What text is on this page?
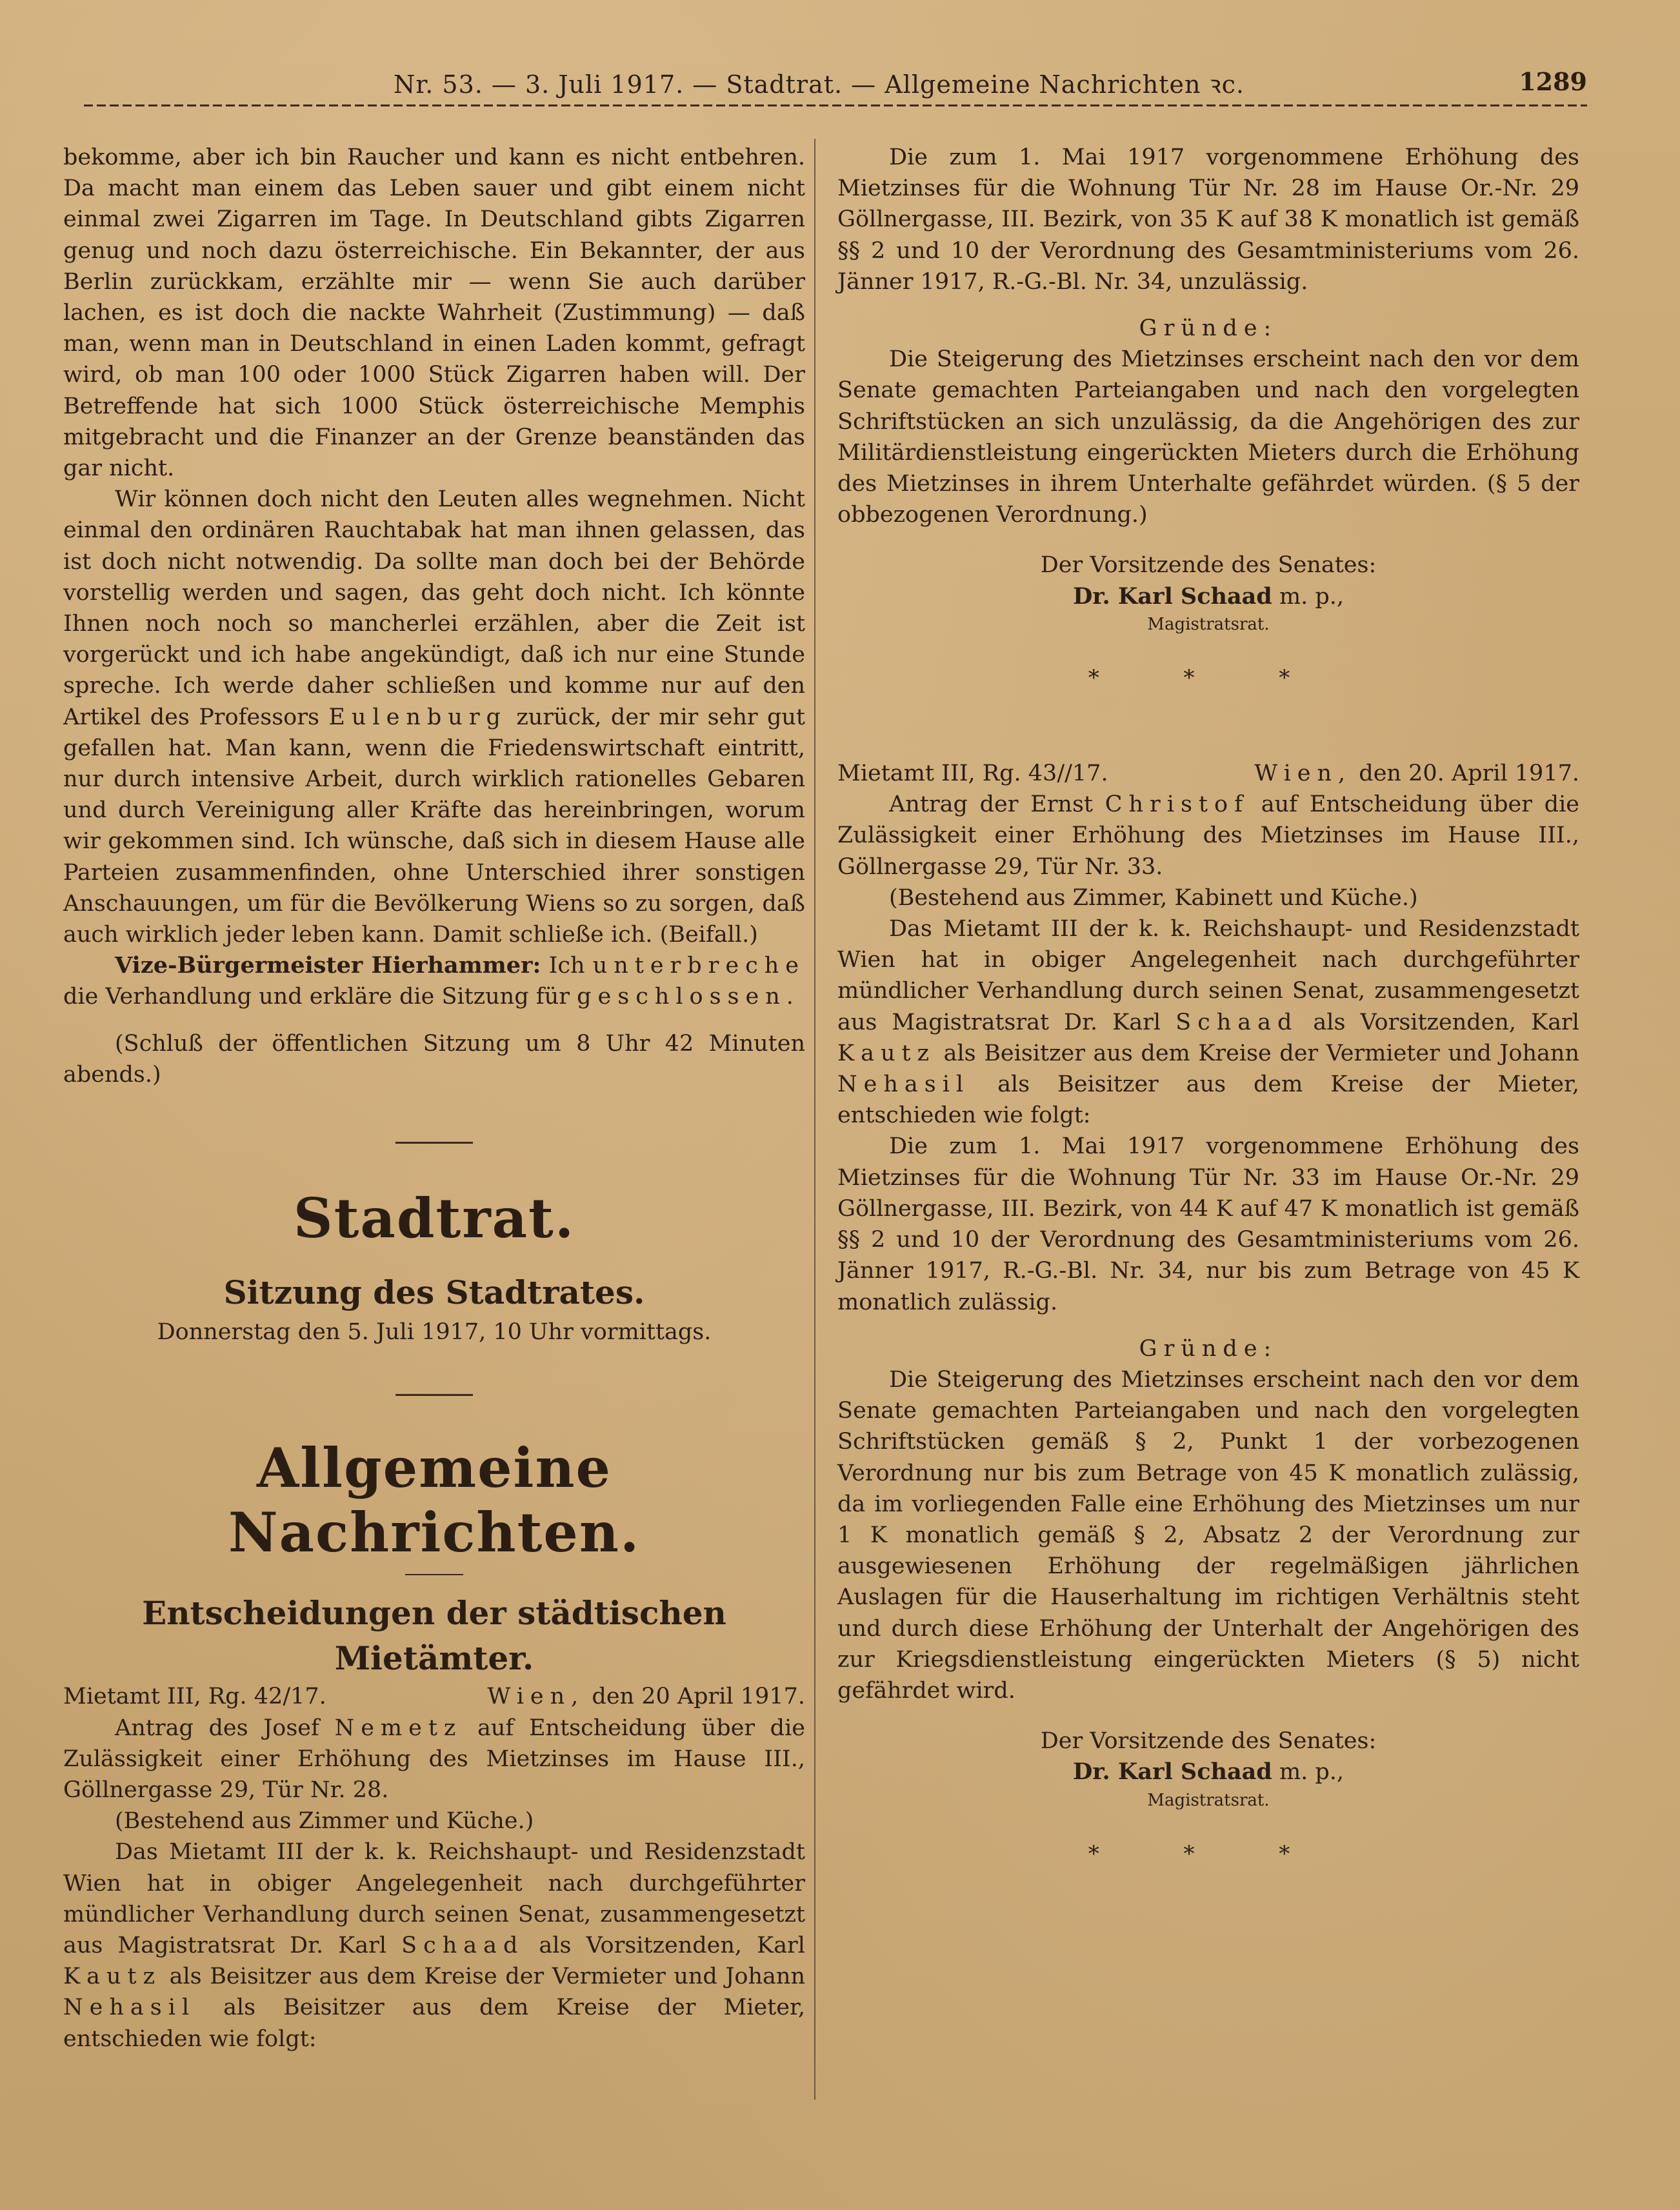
Nr. 53. — 3. Juli 1917. — Stadtrat. — Allgemeine Nachrichten ꝛc.	1289

bekomme, aber ich bin Raucher und kann es nicht entbehren. Da macht man einem das Leben sauer und gibt einem nicht einmal zwei Zigarren im Tage. In Deutschland gibts Zigarren genug und noch dazu österreichische. Ein Bekannter, der aus Berlin zurückkam, erzählte mir — wenn Sie auch darüber lachen, es ist doch die nackte Wahrheit (Zustimmung) — daß man, wenn man in Deutschland in einen Laden kommt, gefragt wird, ob man 100 oder 1000 Stück Zigarren haben will. Der Betreffende hat sich 1000 Stück österreichische Memphis mitgebracht und die Finanzer an der Grenze beanständen das gar nicht.

Wir können doch nicht den Leuten alles wegnehmen. Nicht einmal den ordinären Rauchtabak hat man ihnen gelassen, das ist doch nicht notwendig. Da sollte man doch bei der Behörde vorstellig werden und sagen, das geht doch nicht. Ich könnte Ihnen noch noch so mancherlei erzählen, aber die Zeit ist vorgerückt und ich habe angekündigt, daß ich nur eine Stunde spreche. Ich werde daher schließen und komme nur auf den Artikel des Professors Eulenburg zurück, der mir sehr gut gefallen hat. Man kann, wenn die Friedenswirtschaft eintritt, nur durch intensive Arbeit, durch wirklich rationelles Gebaren und durch Vereinigung aller Kräfte das hereinbringen, worum wir gekommen sind. Ich wünsche, daß sich in diesem Hause alle Parteien zusammenfinden, ohne Unterschied ihrer sonstigen Anschauungen, um für die Bevölkerung Wiens so zu sorgen, daß auch wirklich jeder leben kann. Damit schließe ich. (Beifall.)

Vize-Bürgermeister Hierhammer: Ich unterbreche die Verhandlung und erkläre die Sitzung für geschlossen.

(Schluß der öffentlichen Sitzung um 8 Uhr 42 Minuten abends.)

Stadtrat.
Sitzung des Stadtrates.

Donnerstag den 5. Juli 1917, 10 Uhr vormittags.

Allgemeine Nachrichten.
Entscheidungen der städtischen Mietämter.
Mietamt III, Rg. 42/17.	Wien, den 20 April 1917.

Antrag des Josef Nemetz auf Entscheidung über die Zulässigkeit einer Erhöhung des Mietzinses im Hause III., Göllnergasse 29, Tür Nr. 28.

(Bestehend aus Zimmer und Küche.)

Das Mietamt III der k. k. Reichshaupt- und Residenzstadt Wien hat in obiger Angelegenheit nach durchgeführter mündlicher Verhandlung durch seinen Senat, zusammengesetzt aus Magistratsrat Dr. Karl Schaad als Vorsitzenden, Karl Kautz als Beisitzer aus dem Kreise der Vermieter und Johann Nehasil als Beisitzer aus dem Kreise der Mieter, entschieden wie folgt:

Die zum 1. Mai 1917 vorgenommene Erhöhung des Mietzinses für die Wohnung Tür Nr. 28 im Hause Or.-Nr. 29 Göllnergasse, III. Bezirk, von 35 K auf 38 K monatlich ist gemäß §§ 2 und 10 der Verordnung des Gesamtministeriums vom 26. Jänner 1917, R.-G.-Bl. Nr. 34, unzulässig.

Gründe:

Die Steigerung des Mietzinses erscheint nach den vor dem Senate gemachten Parteiangaben und nach den vorgelegten Schriftstücken an sich unzulässig, da die Angehörigen des zur Militärdienstleistung eingerückten Mieters durch die Erhöhung des Mietzinses in ihrem Unterhalte gefährdet würden. (§ 5 der obbezogenen Verordnung.)

Der Vorsitzende des Senates:

Dr. Karl Schaad m. p.,

Magistratsrat.

* * *

Mietamt III, Rg. 43//17.	Wien, den 20. April 1917.

Antrag der Ernst Christof auf Entscheidung über die Zulässigkeit einer Erhöhung des Mietzinses im Hause III., Göllnergasse 29, Tür Nr. 33.

(Bestehend aus Zimmer, Kabinett und Küche.)

Das Mietamt III der k. k. Reichshaupt- und Residenzstadt Wien hat in obiger Angelegenheit nach durchgeführter mündlicher Verhandlung durch seinen Senat, zusammengesetzt aus Magistratsrat Dr. Karl Schaad als Vorsitzenden, Karl Kautz als Beisitzer aus dem Kreise der Vermieter und Johann Nehasil als Beisitzer aus dem Kreise der Mieter, entschieden wie folgt:

Die zum 1. Mai 1917 vorgenommene Erhöhung des Mietzinses für die Wohnung Tür Nr. 33 im Hause Or.-Nr. 29 Göllnergasse, III. Bezirk, von 44 K auf 47 K monatlich ist gemäß §§ 2 und 10 der Verordnung des Gesamtministeriums vom 26. Jänner 1917, R.-G.-Bl. Nr. 34, nur bis zum Betrage von 45 K monatlich zulässig.

Gründe:

Die Steigerung des Mietzinses erscheint nach den vor dem Senate gemachten Parteiangaben und nach den vorgelegten Schriftstücken gemäß § 2, Punkt 1 der vorbezogenen Verordnung nur bis zum Betrage von 45 K monatlich zulässig, da im vorliegenden Falle eine Erhöhung des Mietzinses um nur 1 K monatlich gemäß § 2, Absatz 2 der Verordnung zur ausgewiesenen Erhöhung der regelmäßigen jährlichen Auslagen für die Hauserhaltung im richtigen Verhältnis steht und durch diese Erhöhung der Unterhalt der Angehörigen des zur Kriegsdienstleistung eingerückten Mieters (§ 5) nicht gefährdet wird.

Der Vorsitzende des Senates:

Dr. Karl Schaad m. p.,

Magistratsrat.

* * *
